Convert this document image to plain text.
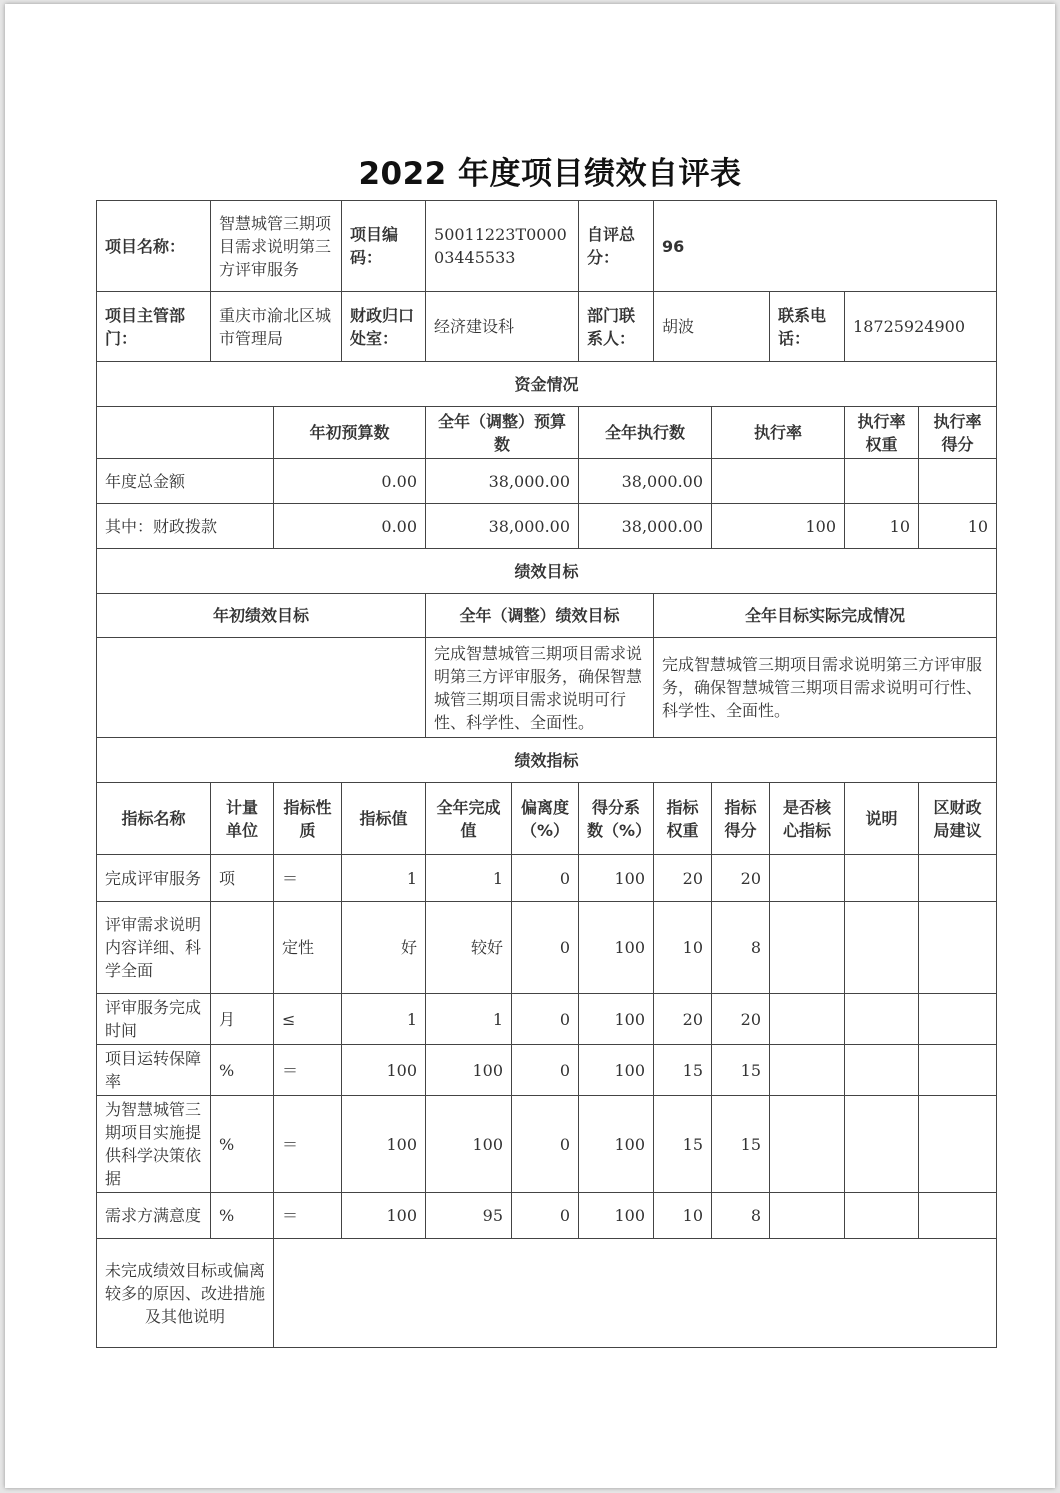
2022 年度项目绩效自评表
项目名称：	智慧城管三期项目需求说明第三方评审服务		项目编码：	50011223T000003445533		自评总分：	96				
项目主管部门：	重庆市渝北区城市管理局		财政归口处室：	经济建设科		部门联系人：	胡波		联系电话：	18725924900	
资金情况											
		年初预算数		全年（调整）预算数		全年执行数		执行率		执行率权重	执行率得分
年度总金额		0.00		38,000.00		38,000.00					
其中：财政拨款		0.00		38,000.00		38,000.00		100		10	10
绩效目标											
年初绩效目标				全年（调整）绩效目标			全年目标实际完成情况				
				完成智慧城管三期项目需求说明第三方评审服务，确保智慧城管三期项目需求说明可行性、科学性、全面性。			完成智慧城管三期项目需求说明第三方评审服务，确保智慧城管三期项目需求说明可行性、科学性、全面性。				
绩效指标											
指标名称	计量单位	指标性质	指标值	全年完成值	偏离度（%）	得分系数（%）	指标权重	指标得分	是否核心指标	说明	区财政局建议
完成评审服务	项	＝	1	1	0	100	20	20			
评审需求说明内容详细、科学全面		定性	好	较好	0	100	10	8			
评审服务完成时间	月	≤	1	1	0	100	20	20			
项目运转保障率	%	＝	100	100	0	100	15	15			
为智慧城管三期项目实施提供科学决策依据	%	＝	100	100	0	100	15	15			
需求方满意度	%	＝	100	95	0	100	10	8			
未完成绩效目标或偏离较多的原因、改进措施及其他说明											
